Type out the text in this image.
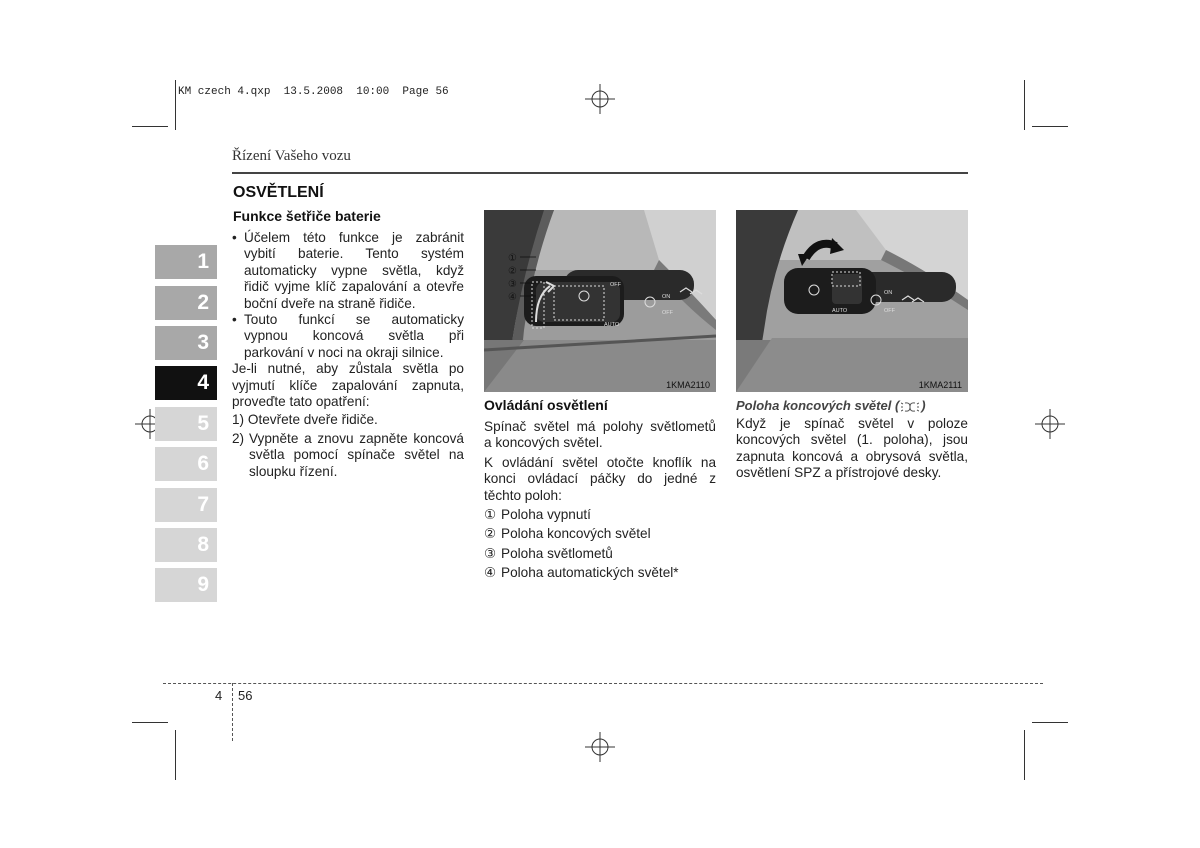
KM czech 4.qxp  13.5.2008  10:00  Page 56
Řízení Vašeho vozu
OSVĚTLENÍ
Funkce šetřiče baterie
• Účelem této funkce je zabránit
vybití baterie. Tento systém
automaticky vypne světla, když
řidič vyjme klíč zapalování a otevře
boční dveře na straně řidiče.
• Touto funkcí se automaticky
vypnou koncová světla při
parkování v noci na okraji silnice.
Je-li nutné, aby zůstala světla po
vyjmutí klíče zapalování zapnuta,
proveďte tato opatření:
1) Otevřete dveře řidiče.
2) Vypněte a znovu zapněte koncová
světla pomocí spínače světel na
sloupku řízení.
OFF
AUTO
ON
OFF
①
②
③
④
1KMA2110
Ovládání osvětlení
Spínač světel má polohy světlometů
a koncových světel.
K ovládání světel otočte knoflík na
konci ovládací páčky do jedné z
těchto poloh:
① Poloha vypnutí
② Poloha koncových světel
③ Poloha světlometů
④ Poloha automatických světel*
AUTO
ON
OFF
1KMA2111
Poloha koncových světel ( )
Když je spínač světel v poloze
koncových světel (1. poloha), jsou
zapnuta koncová a obrysová světla,
osvětlení SPZ a přístrojové desky.
1
2
3
4
5
6
7
8
9
4 56
